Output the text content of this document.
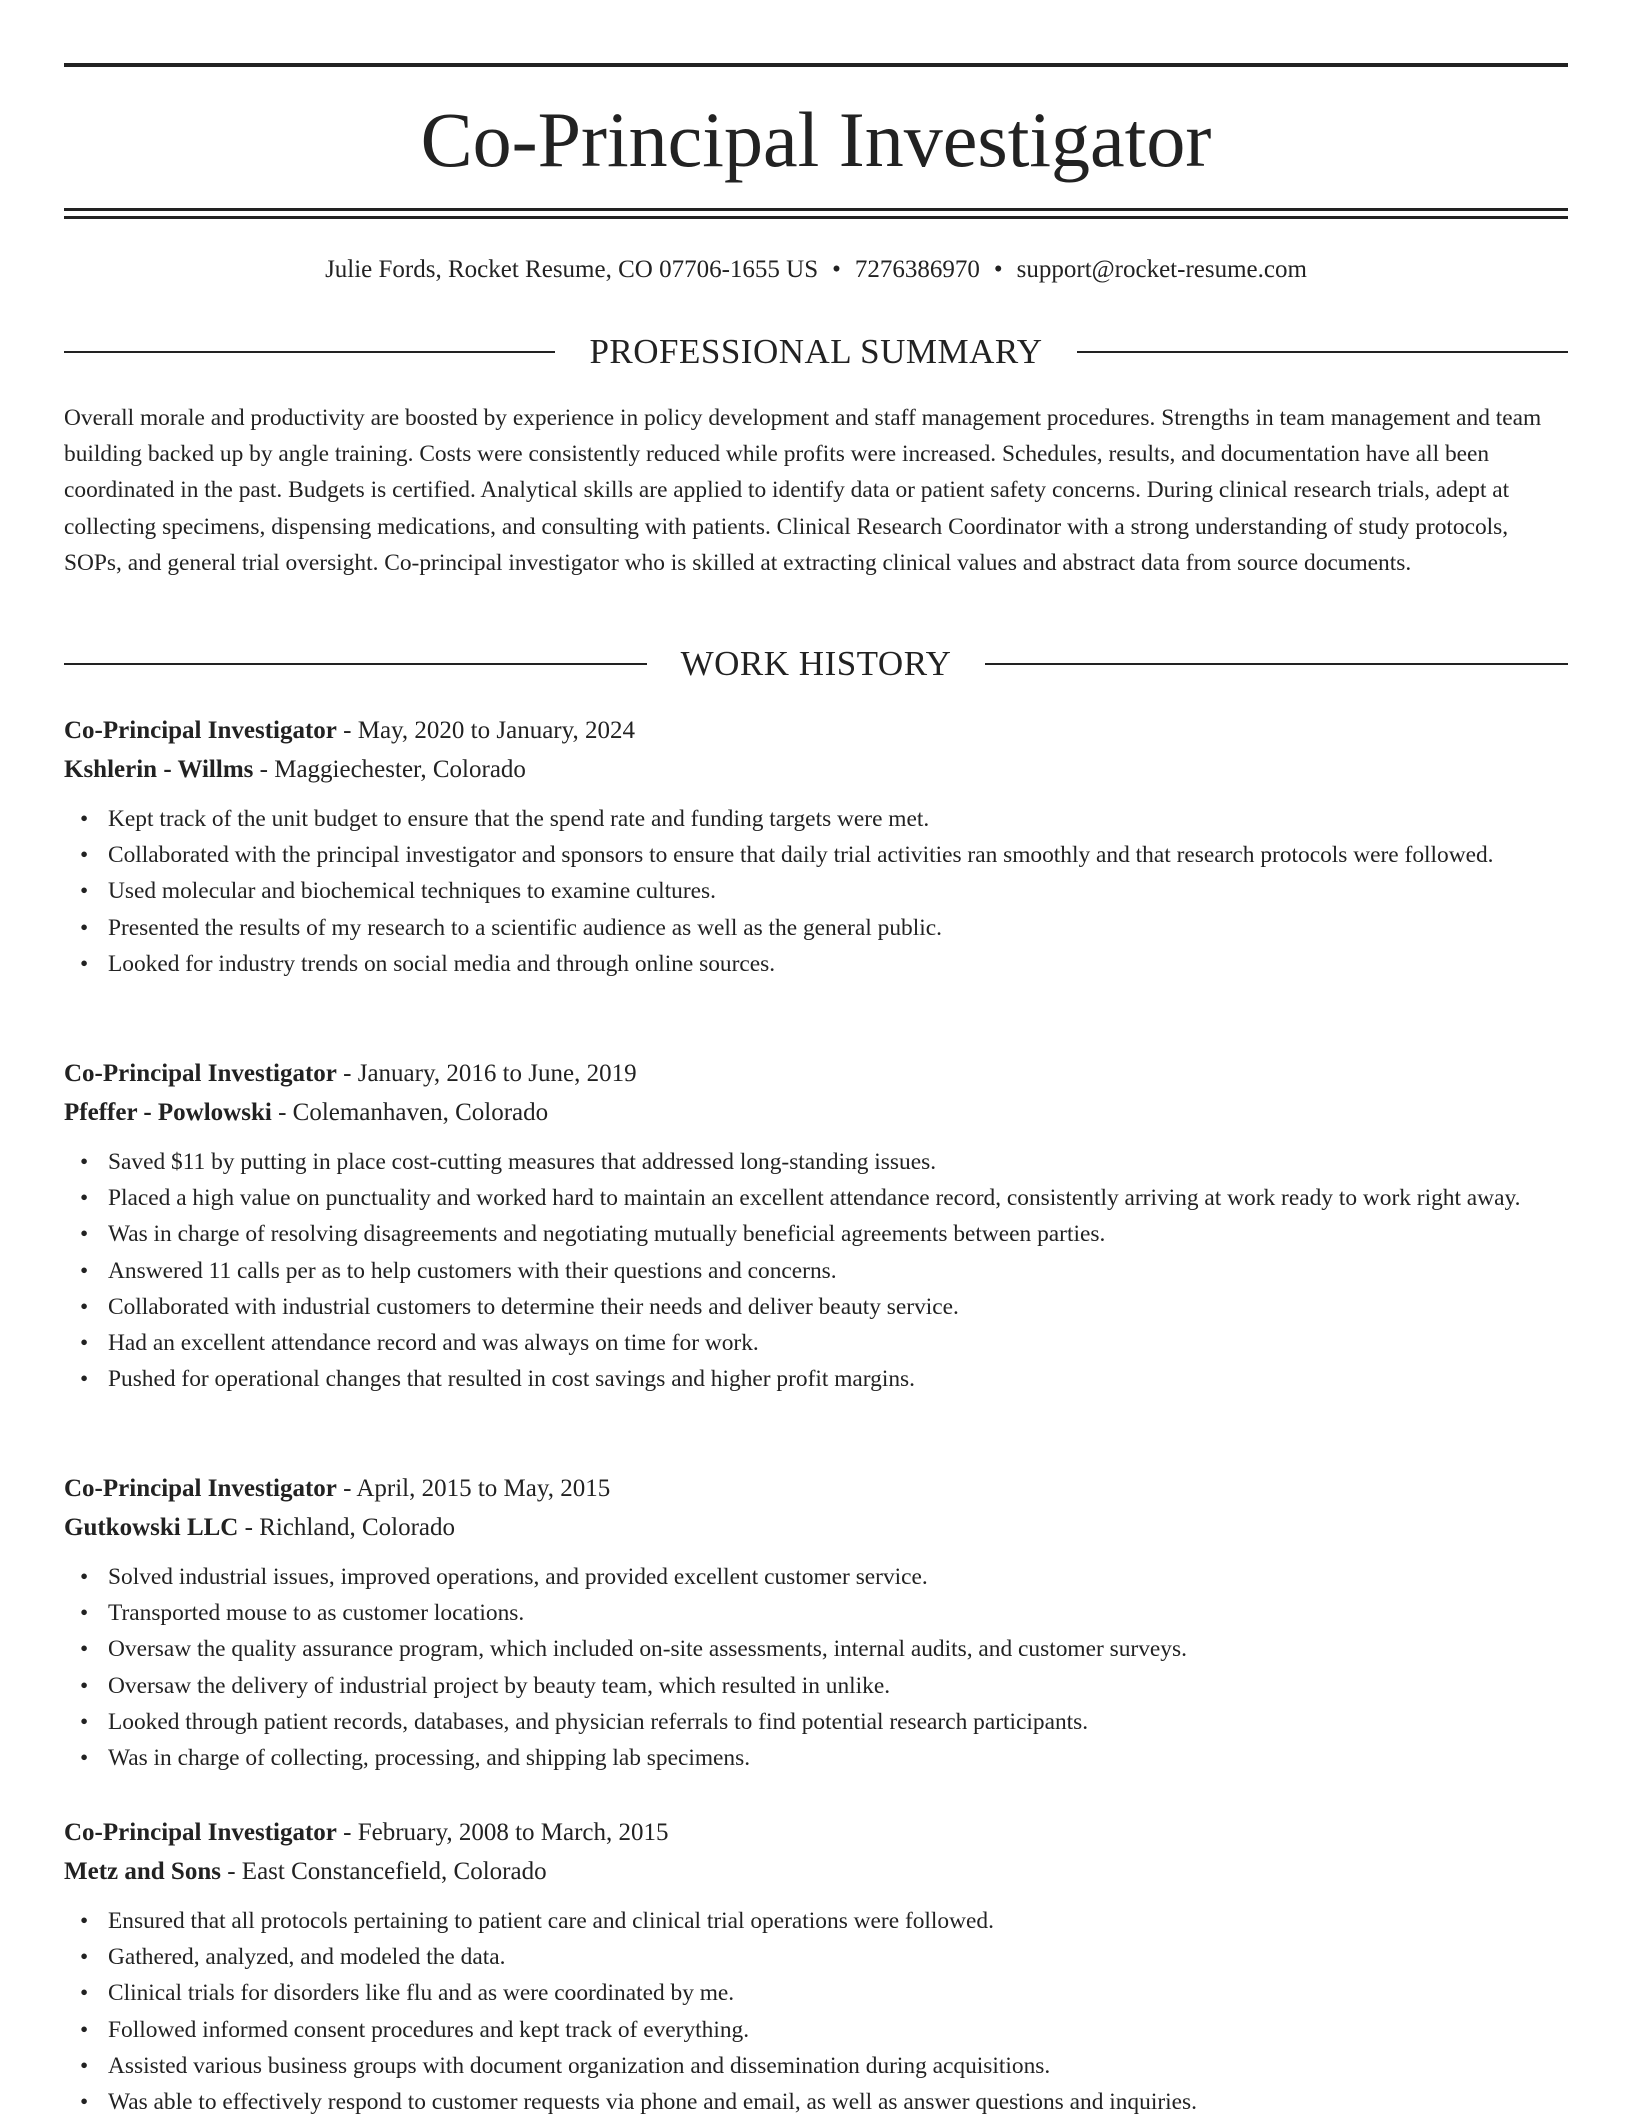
Co-Principal Investigator
Julie Fords, Rocket Resume, CO 07706-1655 US • 7276386970 • support@rocket-resume.com
PROFESSIONAL SUMMARY

Overall morale and productivity are boosted by experience in policy development and staff management procedures. Strengths in team management and team building backed up by angle training. Costs were consistently reduced while profits were increased. Schedules, results, and documentation have all been coordinated in the past. Budgets is certified. Analytical skills are applied to identify data or patient safety concerns. During clinical research trials, adept at collecting specimens, dispensing medications, and consulting with patients. Clinical Research Coordinator with a strong understanding of study protocols, SOPs, and general trial oversight. Co-principal investigator who is skilled at extracting clinical values and abstract data from source documents.

WORK HISTORY

Co-Principal Investigator - May, 2020 to January, 2024

Kshlerin - Willms - Maggiechester, Colorado

• Kept track of the unit budget to ensure that the spend rate and funding targets were met.
• Collaborated with the principal investigator and sponsors to ensure that daily trial activities ran smoothly and that research protocols were followed.
• Used molecular and biochemical techniques to examine cultures.
• Presented the results of my research to a scientific audience as well as the general public.
• Looked for industry trends on social media and through online sources.

Co-Principal Investigator - January, 2016 to June, 2019

Pfeffer - Powlowski - Colemanhaven, Colorado

• Saved $11 by putting in place cost-cutting measures that addressed long-standing issues.
• Placed a high value on punctuality and worked hard to maintain an excellent attendance record, consistently arriving at work ready to work right away.
• Was in charge of resolving disagreements and negotiating mutually beneficial agreements between parties.
• Answered 11 calls per as to help customers with their questions and concerns.
• Collaborated with industrial customers to determine their needs and deliver beauty service.
• Had an excellent attendance record and was always on time for work.
• Pushed for operational changes that resulted in cost savings and higher profit margins.

Co-Principal Investigator - April, 2015 to May, 2015

Gutkowski LLC - Richland, Colorado

• Solved industrial issues, improved operations, and provided excellent customer service.
• Transported mouse to as customer locations.
• Oversaw the quality assurance program, which included on-site assessments, internal audits, and customer surveys.
• Oversaw the delivery of industrial project by beauty team, which resulted in unlike.
• Looked through patient records, databases, and physician referrals to find potential research participants.
• Was in charge of collecting, processing, and shipping lab specimens.

Co-Principal Investigator - February, 2008 to March, 2015

Metz and Sons - East Constancefield, Colorado

• Ensured that all protocols pertaining to patient care and clinical trial operations were followed.
• Gathered, analyzed, and modeled the data.
• Clinical trials for disorders like flu and as were coordinated by me.
• Followed informed consent procedures and kept track of everything.
• Assisted various business groups with document organization and dissemination during acquisitions.
• Was able to effectively respond to customer requests via phone and email, as well as answer questions and inquiries.
